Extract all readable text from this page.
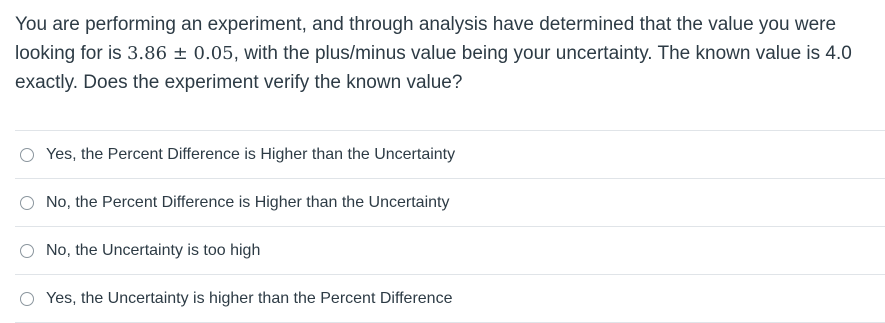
You are performing an experiment, and through analysis have determined that the value you were looking for is 3.86 ± 0.05, with the plus/minus value being your uncertainty. The known value is 4.0 exactly. Does the experiment verify the known value?
Yes, the Percent Difference is Higher than the Uncertainty
No, the Percent Difference is Higher than the Uncertainty
No, the Uncertainty is too high
Yes, the Uncertainty is higher than the Percent Difference
